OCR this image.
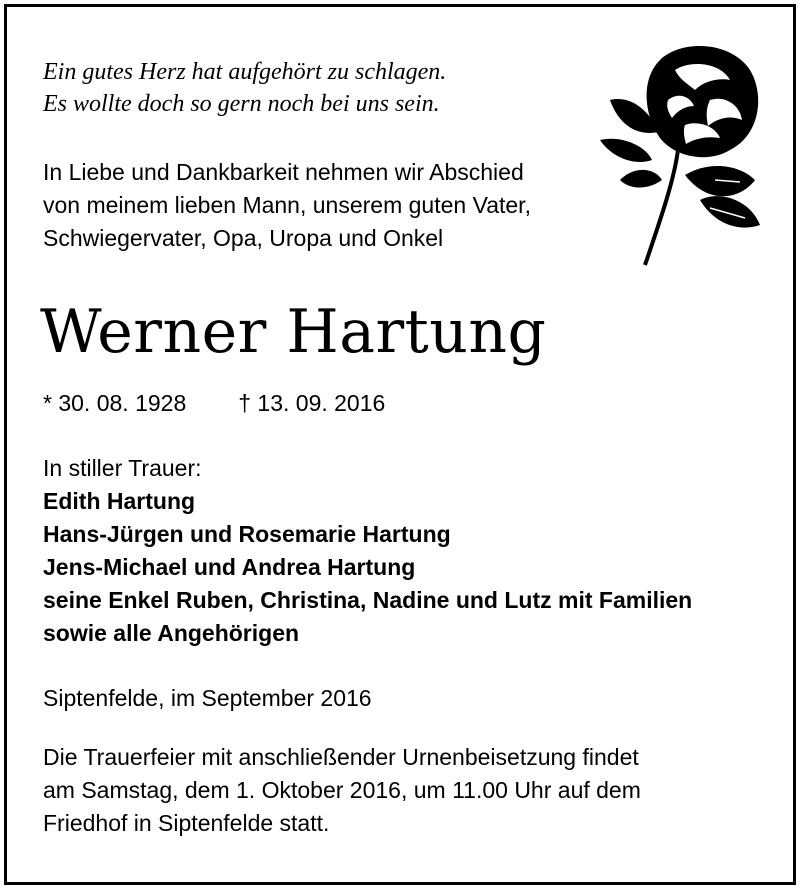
Ein gutes Herz hat aufgehört zu schlagen.
Es wollte doch so gern noch bei uns sein.
In Liebe und Dankbarkeit nehmen wir Abschied
von meinem lieben Mann, unserem guten Vater,
Schwiegervater, Opa, Uropa und Onkel
Werner Hartung
* 30. 08. 1928 † 13. 09. 2016
In stiller Trauer:
Edith Hartung
Hans-Jürgen und Rosemarie Hartung
Jens-Michael und Andrea Hartung
seine Enkel Ruben, Christina, Nadine und Lutz mit Familien
sowie alle Angehörigen
Siptenfelde, im September 2016
Die Trauerfeier mit anschließender Urnenbeisetzung findet
am Samstag, dem 1. Oktober 2016, um 11.00 Uhr auf dem
Friedhof in Siptenfelde statt.
